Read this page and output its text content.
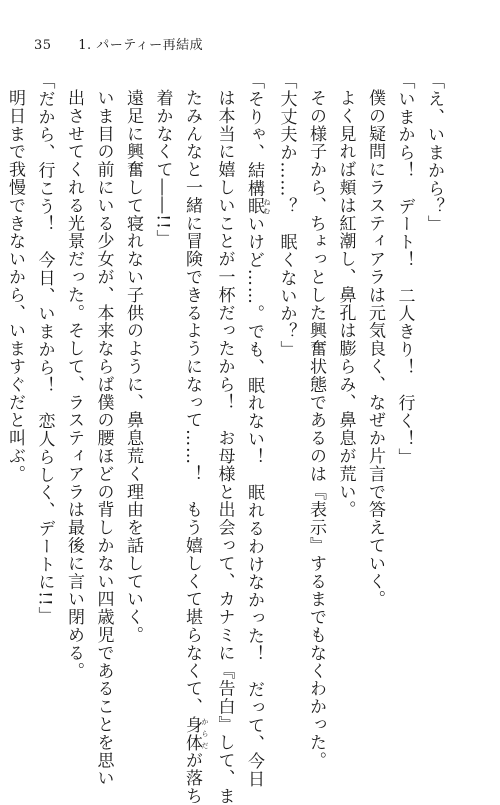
35 1. パーティー再結成
「え、いまから？」
「いまから！　デート！　二人きり！　行く！」
僕の疑問にラスティアラは元気良く、なぜか片言で答えていく。
よく見れば頬は紅潮し、鼻孔は膨らみ、鼻息が荒い。
その様子から、ちょっとした興奮状態であるのは『表示』するまでもなくわかった。
「大丈夫か……？　眠くないか？」
「そりゃ、結構眠 ねむいけど……。でも、眠れない！　眠れるわけなかった！　だって、今日
は本当に嬉しいことが一杯だったから！　お母様と出会って、カナミに『告白』して、ま
たみんなと一緒に冒険できるようになって……！　もう嬉しくて堪らなくて、身体 からだが落ち
着かなくて――!!」
遠足に興奮して寝れない子供のように、鼻息荒く理由を話していく。
いま目の前にいる少女が、本来ならば僕の腰ほどの背しかない四歳児であることを思い
出させてくれる光景だった。そして、ラスティアラは最後に言い閉める。
「だから、行こう！　今日、いまから！　恋人らしく、デートに!!」
明日まで我慢できないから、いますぐだと叫ぶ。
